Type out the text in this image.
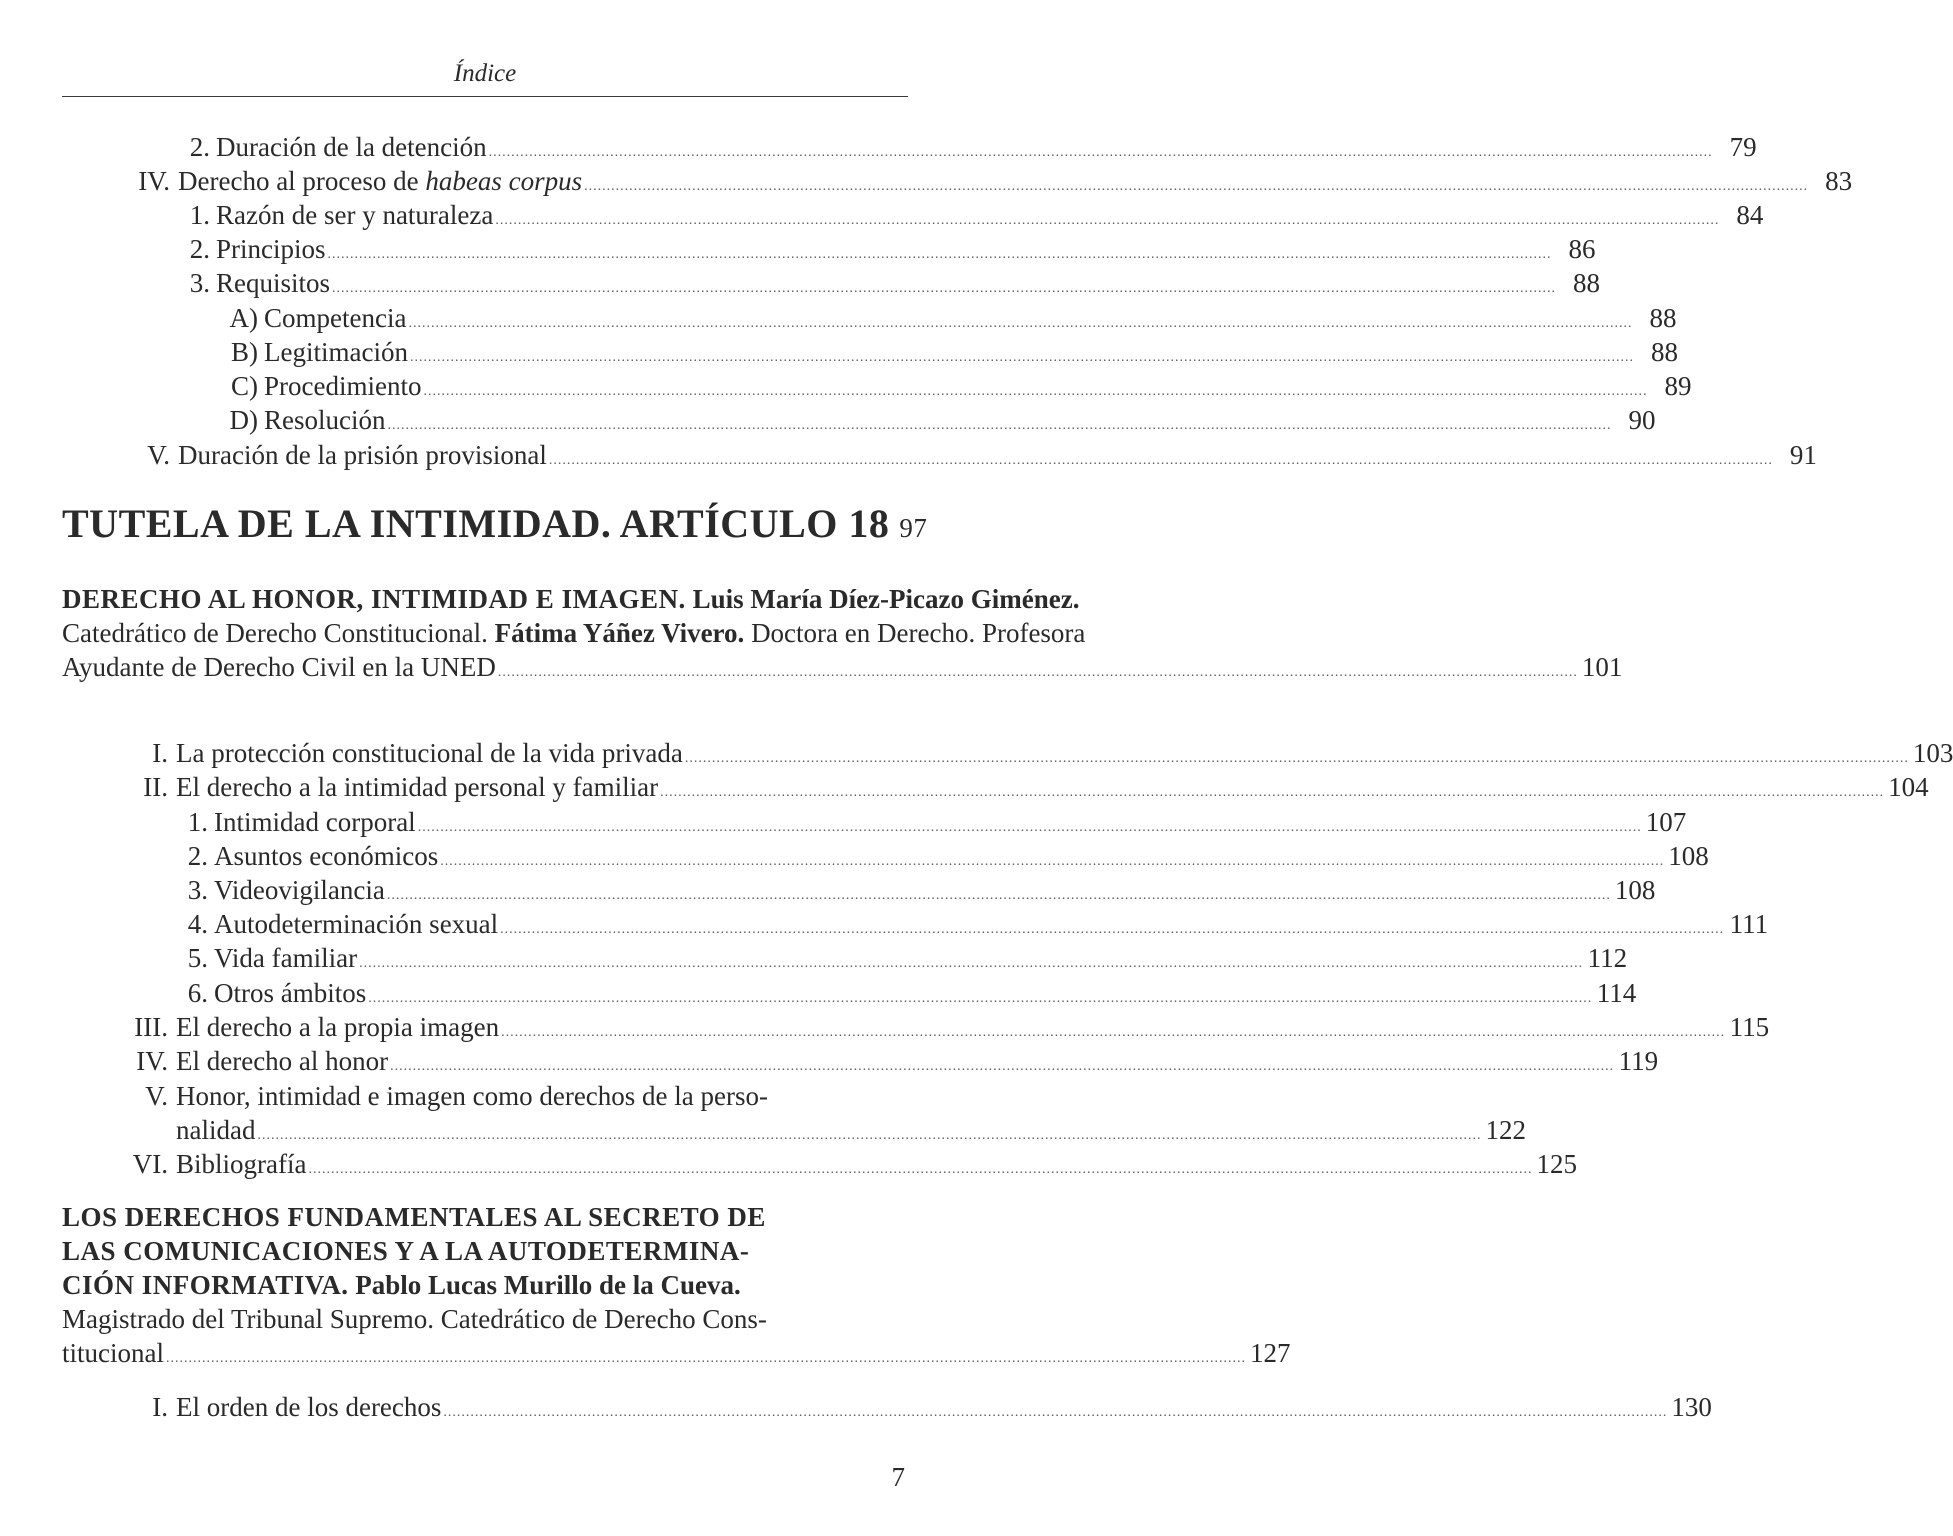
Índice
2. Duración de la detención .....	79
IV. Derecho al proceso de habeas corpus .....	83
1. Razón de ser y naturaleza .....	84
2. Principios .....	86
3. Requisitos .....	88
A) Competencia .....	88
B) Legitimación .....	88
C) Procedimiento .....	89
D) Resolución .....	90
V. Duración de la prisión provisional .....	91
TUTELA DE LA INTIMIDAD. ARTÍCULO 18 97
DERECHO AL HONOR, INTIMIDAD E IMAGEN. Luis María Díez-Picazo Giménez.
Catedrático de Derecho Constitucional. Fátima Yáñez Vivero. Doctora en Derecho. Profesora
Ayudante de Derecho Civil en la UNED .....	101
I. La protección constitucional de la vida privada .....	103
II. El derecho a la intimidad personal y familiar .....	104
1. Intimidad corporal .....	107
2. Asuntos económicos .....	108
3. Videovigilancia .....	108
4. Autodeterminación sexual .....	111
5. Vida familiar .....	112
6. Otros ámbitos .....	114
III. El derecho a la propia imagen .....	115
IV. El derecho al honor .....	119
V. Honor, intimidad e imagen como derechos de la perso-
nalidad .....	122
VI. Bibliografía .....	125
LOS DERECHOS FUNDAMENTALES AL SECRETO DE
LAS COMUNICACIONES Y A LA AUTODETERMINA-
CIÓN INFORMATIVA. Pablo Lucas Murillo de la Cueva.
Magistrado del Tribunal Supremo. Catedrático de Derecho Cons-
titucional .....	127
I. El orden de los derechos .....	130
7
